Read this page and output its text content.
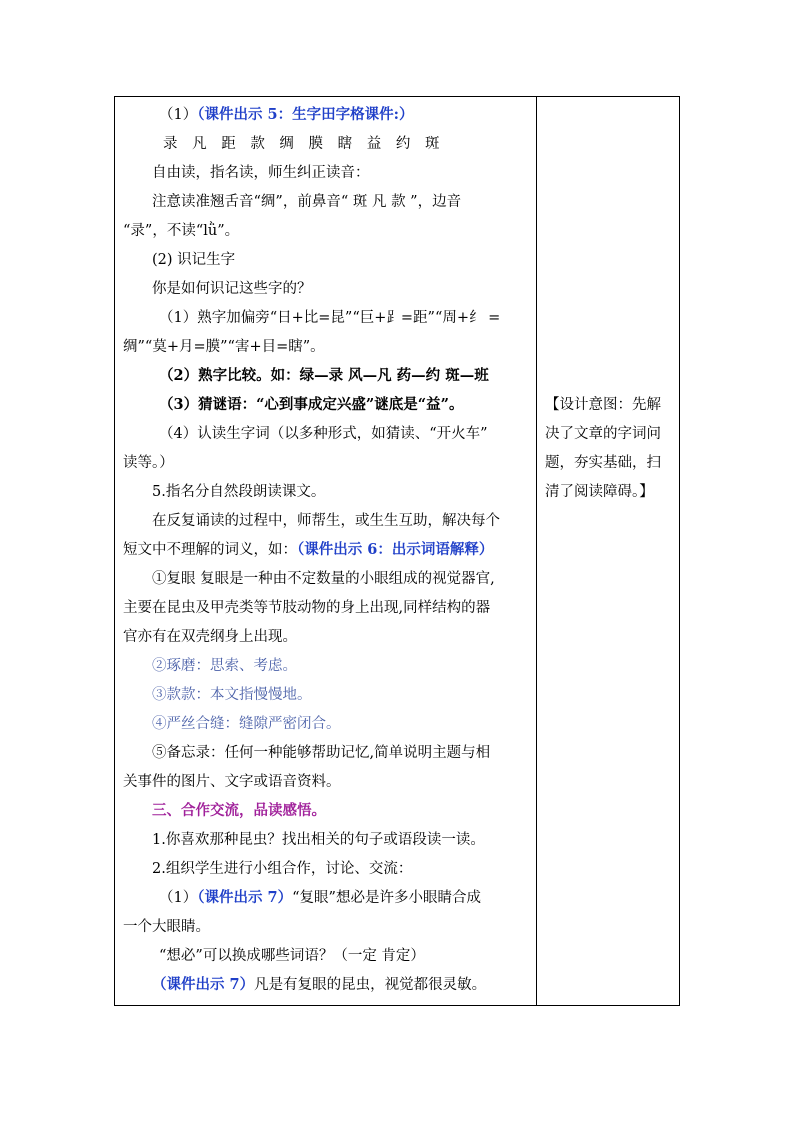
（1）（课件出示 5：生字田字格课件:）
录 凡 距 款 绸 膜 瞎 益 约 斑
自由读，指名读，师生纠正读音：
注意读准翘舌音“绸”，前鼻音“ 斑 凡 款 ”，边音
“录”，不读“lǜ”。
(2) 识记生字
你是如何识记这些字的？
（1）熟字加偏旁“日+比=昆”“巨+⻊=距”“周+纟 =
绸”“莫+月=膜”“害+目=瞎”。
（2）熟字比较。如：绿—录 风—凡 药—约 斑—班
（3）猜谜语：“心到事成定兴盛”谜底是“益”。
（4）认读生字词（以多种形式，如猜读、“开火车”
读等。）
5.指名分自然段朗读课文。
在反复诵读的过程中，师帮生，或生生互助，解决每个
短文中不理解的词义，如：（课件出示 6：出示词语解释）
①复眼 复眼是一种由不定数量的小眼组成的视觉器官,
主要在昆虫及甲壳类等节肢动物的身上出现,同样结构的器
官亦有在双壳纲身上出现。
②琢磨：思索、考虑。
③款款：本文指慢慢地。
④严丝合缝：缝隙严密闭合。
⑤备忘录：任何一种能够帮助记忆,简单说明主题与相
关事件的图片、文字或语音资料。
三、合作交流，品读感悟。
1.你喜欢那种昆虫？找出相关的句子或语段读一读。
2.组织学生进行小组合作，讨论、交流：
（1）（课件出示 7）“复眼”想必是许多小眼睛合成
一个大眼睛。
“想必”可以换成哪些词语？（一定 肯定）
（课件出示 7）凡是有复眼的昆虫，视觉都很灵敏。
【设计意图：先解
决了文章的字词问
题，夯实基础，扫
清了阅读障碍。】
